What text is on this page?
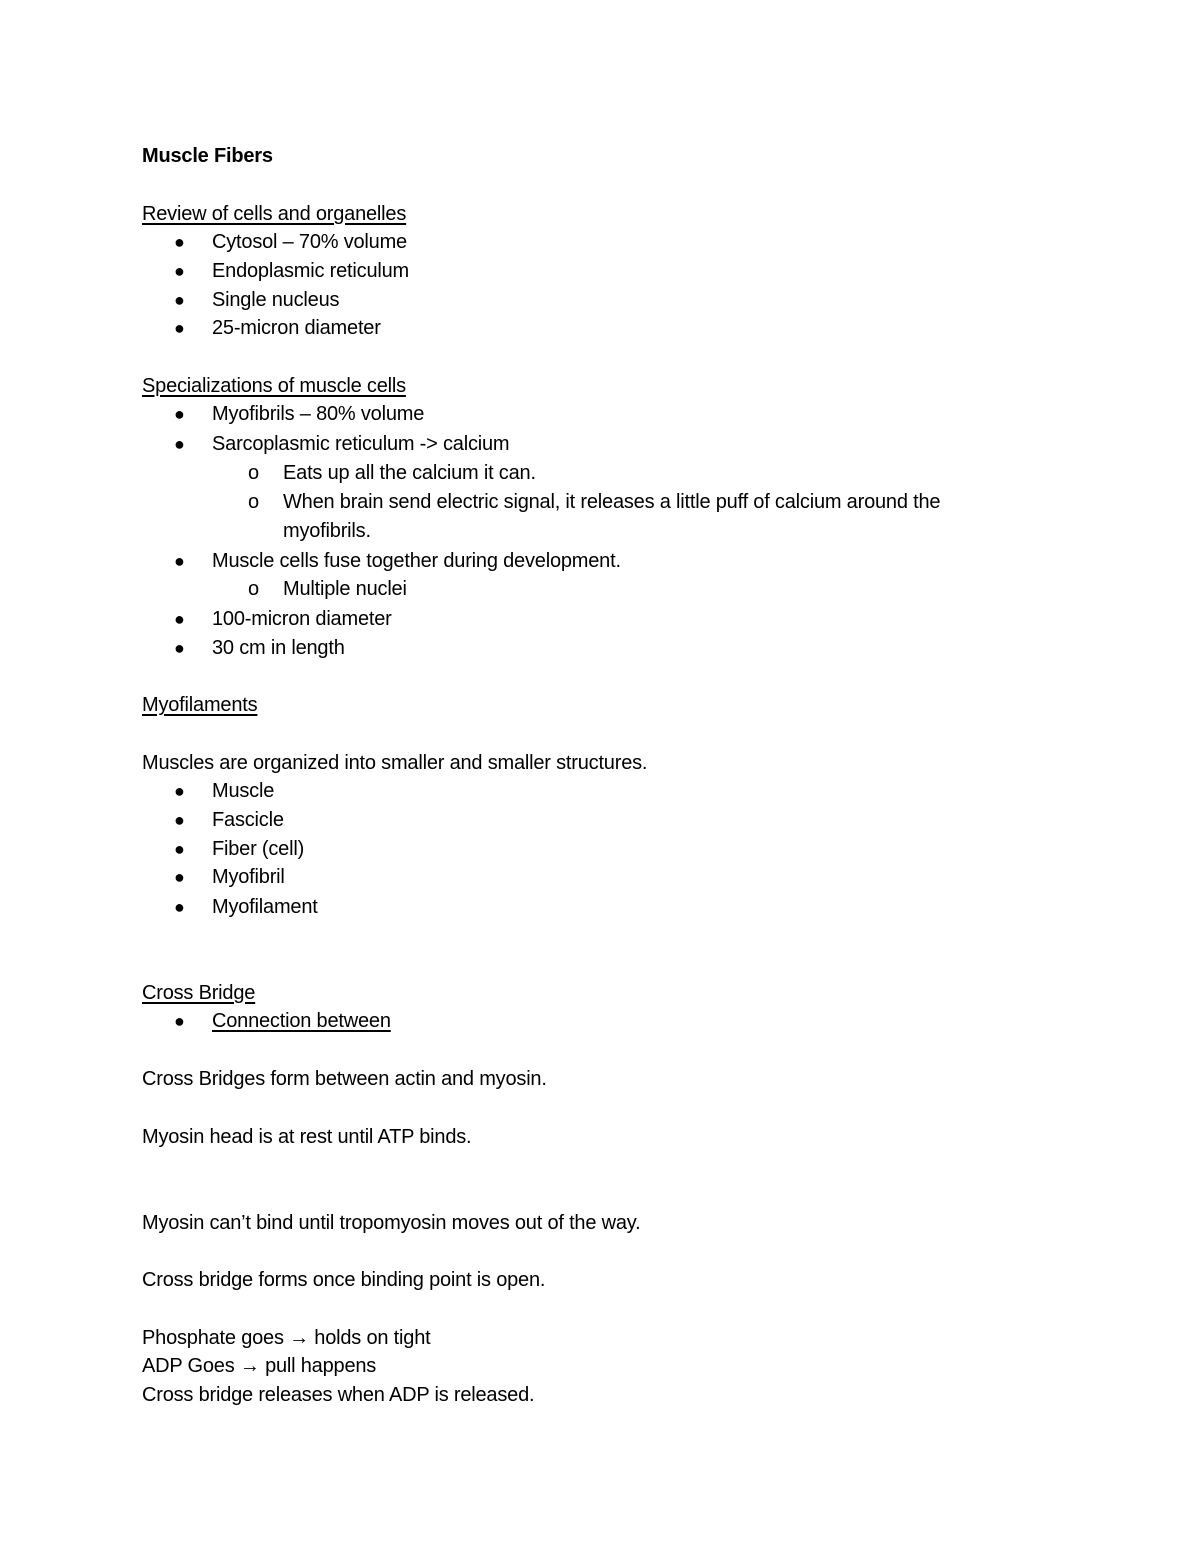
Muscle Fibers

Review of cells and organelles

● Cytosol – 70% volume

● Endoplasmic reticulum

● Single nucleus

● 25-micron diameter

Specializations of muscle cells

● Myofibrils – 80% volume

● Sarcoplasmic reticulum -> calcium

o Eats up all the calcium it can.

o When brain send electric signal, it releases a little puff of calcium around the

myofibrils.

● Muscle cells fuse together during development.

o Multiple nuclei

● 100-micron diameter

● 30 cm in length

Myofilaments

Muscles are organized into smaller and smaller structures.

● Muscle

● Fascicle

● Fiber (cell)

● Myofibril

● Myofilament

Cross Bridge

● Connection between

Cross Bridges form between actin and myosin.

Myosin head is at rest until ATP binds.

Myosin can’t bind until tropomyosin moves out of the way.

Cross bridge forms once binding point is open.

Phosphate goes → holds on tight

ADP Goes → pull happens

Cross bridge releases when ADP is released.
